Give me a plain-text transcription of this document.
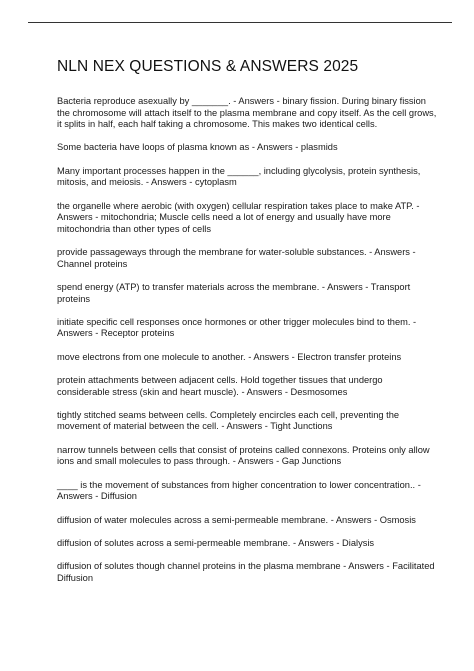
NLN NEX QUESTIONS & ANSWERS 2025
Bacteria reproduce asexually by _______. - Answers - binary fission. During binary fission the chromosome will attach itself to the plasma membrane and copy itself. As the cell grows, it splits in half, each half taking a chromosome. This makes two identical cells.
Some bacteria have loops of plasma known as - Answers - plasmids
Many important processes happen in the ______, including glycolysis, protein synthesis, mitosis, and meiosis. - Answers - cytoplasm
the organelle where aerobic (with oxygen) cellular respiration takes place to make ATP. - Answers - mitochondria; Muscle cells need a lot of energy and usually have more mitochondria than other types of cells
provide passageways through the membrane for water-soluble substances. - Answers - Channel proteins
spend energy (ATP) to transfer materials across the membrane. - Answers - Transport proteins
initiate specific cell responses once hormones or other trigger molecules bind to them. - Answers - Receptor proteins
move electrons from one molecule to another. - Answers - Electron transfer proteins
protein attachments between adjacent cells. Hold together tissues that undergo considerable stress (skin and heart muscle). - Answers - Desmosomes
tightly stitched seams between cells. Completely encircles each cell, preventing the movement of material between the cell. - Answers - Tight Junctions
narrow tunnels between cells that consist of proteins called connexons. Proteins only allow ions and small molecules to pass through. - Answers - Gap Junctions
____ is the movement of substances from higher concentration to lower concentration.. - Answers - Diffusion
diffusion of water molecules across a semi-permeable membrane. - Answers - Osmosis
diffusion of solutes across a semi-permeable membrane. - Answers - Dialysis
diffusion of solutes though channel proteins in the plasma membrane - Answers - Facilitated Diffusion
